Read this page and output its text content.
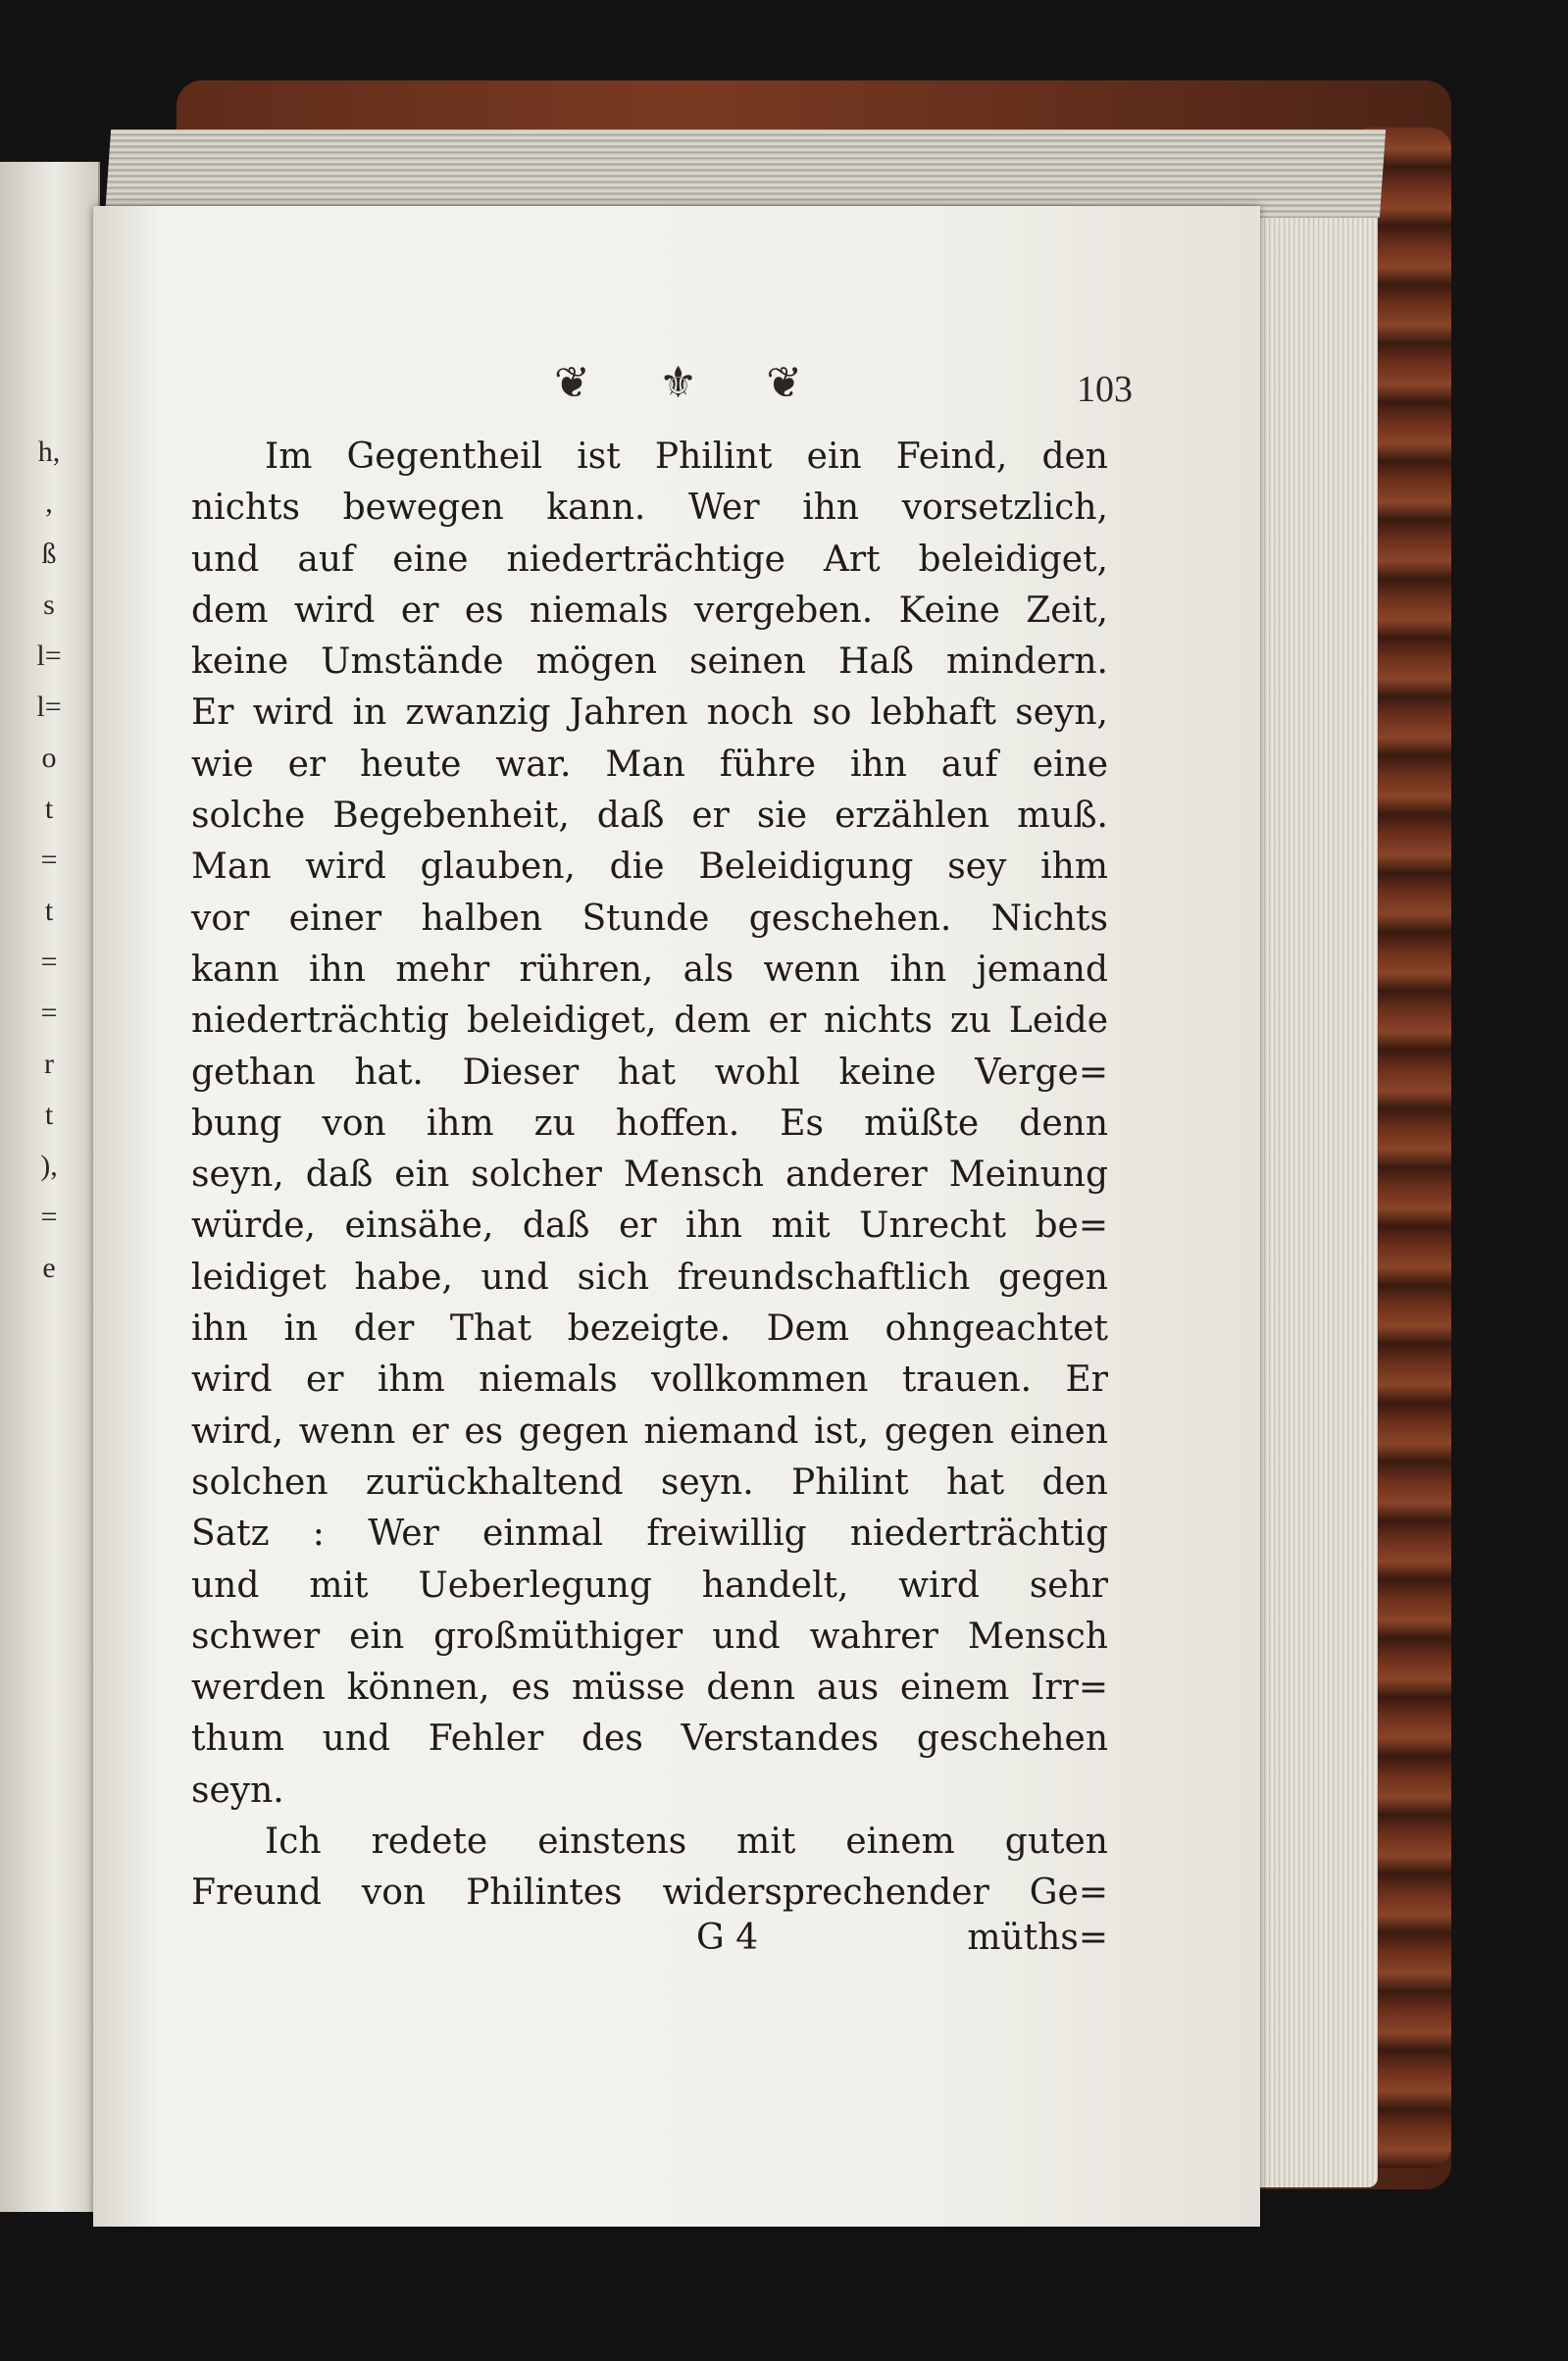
h,
,
ß
s
l=
l=
o
t
=
t
=
=
r
t
),
=
e
❦ ⚜ ❦	103
Im Gegentheil ist Philint ein Feind, den
nichts bewegen kann. Wer ihn vorsetzlich,
und auf eine niederträchtige Art beleidiget,
dem wird er es niemals vergeben. Keine Zeit,
keine Umstände mögen seinen Haß mindern.
Er wird in zwanzig Jahren noch so lebhaft seyn,
wie er heute war. Man führe ihn auf eine
solche Begebenheit, daß er sie erzählen muß.
Man wird glauben, die Beleidigung sey ihm
vor einer halben Stunde geschehen. Nichts
kann ihn mehr rühren, als wenn ihn jemand
niederträchtig beleidiget, dem er nichts zu Leide
gethan hat. Dieser hat wohl keine Verge=
bung von ihm zu hoffen. Es müßte denn
seyn, daß ein solcher Mensch anderer Meinung
würde, einsähe, daß er ihn mit Unrecht be=
leidiget habe, und sich freundschaftlich gegen
ihn in der That bezeigte. Dem ohngeachtet
wird er ihm niemals vollkommen trauen. Er
wird, wenn er es gegen niemand ist, gegen einen
solchen zurückhaltend seyn. Philint hat den
Satz : Wer einmal freiwillig niederträchtig
und mit Ueberlegung handelt, wird sehr
schwer ein großmüthiger und wahrer Mensch
werden können, es müsse denn aus einem Irr=
thum und Fehler des Verstandes geschehen
seyn.
Ich redete einstens mit einem guten
Freund von Philintes widersprechender Ge=
G 4	müths=
